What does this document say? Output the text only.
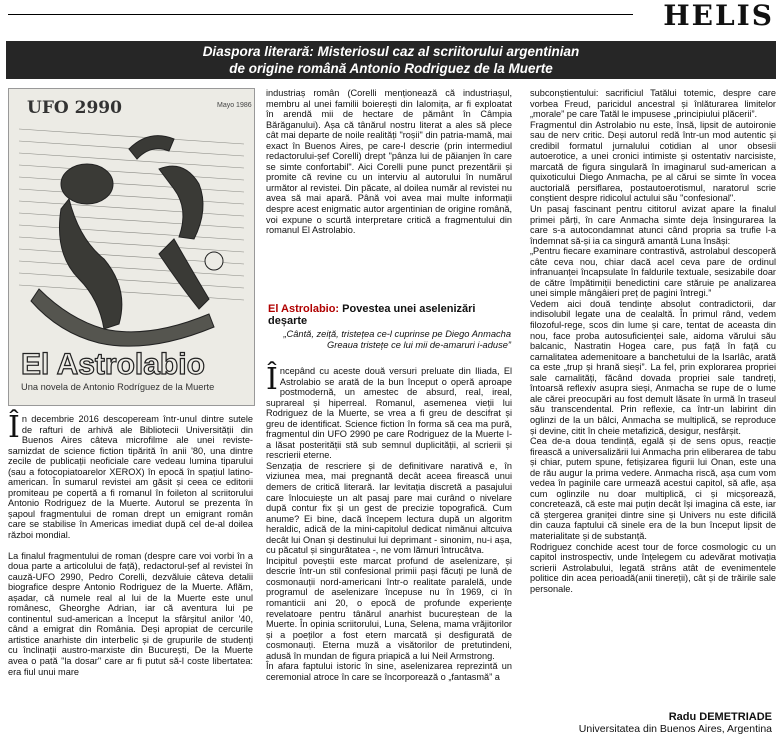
HELIS
Diaspora literară: Misteriosul caz al scriitorului argentinian
de origine română Antonio Rodriguez de la Muerte
UFO 2990	Mayo 1986
El Astrolabio
Una novela de Antonio Rodríguez de la Muerte

În decembrie 2016 descopeream într-unul dintre sutele de rafturi de arhivă ale Bibliotecii Universității din Buenos Aires câteva microfilme ale unei reviste-samizdat de science fiction tipărită în anii '80, una dintre zecile de publicații neoficiale care vedeau lumina tiparului (sau a fotocopiatoarelor XEROX) în epocă în spațiul latino-american. În sumarul revistei am găsit și ceea ce editorii promiteau pe copertă a fi romanul în foileton al scriitorului Antonio Rodriguez de la Muerte. Autorul se prezenta în șapoul fragmentului de roman drept un emigrant român care se stabilise în Americas imediat după cel de-al doilea război mondial.

La finalul fragmentului de roman (despre care voi vorbi în a doua parte a articolului de față), redactorul-șef al revistei în cauză-UFO 2990, Pedro Corelli, dezvăluie câteva detalii biografice despre Antonio Rodriguez de la Muerte. Aflăm, așadar, că numele real al lui de la Muerte este unul românesc, Gheorghe Adrian, iar că aventura lui pe continentul sud-american a început la sfârșitul anilor '40, când a emigrat din România. Deși apropiat de cercurile artistice anarhiste din interbelic și de grupurile de studenți cu înclinații austro-marxiste din București, De la Muerte avea o pată "la dosar" care ar fi putut să-l coste libertatea: era fiul unui mare

industriaș român (Corelli menționează că industriașul, membru al unei familii boierești din Ialomița, ar fi exploatat în arendă mii de hectare de pământ în Câmpia Bărăganului). Așa că tânărul nostru literat a ales să plece cât mai departe de noile realități "roșii" din patria-mamă, mai exact în Buenos Aires, pe care-l descrie (prin intermediul redactorului-șef Corelli) drept "pânza lui de păianjen în care se simte confortabil". Aici Corelli pune punct prezentării și promite că revine cu un interviu al autorului în numărul următor al revistei. Din păcate, al doilea număr al revistei nu avea să mai apară. Până voi avea mai multe informații despre acest enigmatic autor argentinian de origine română, voi expune o scurtă interpretare critică a fragmentului din romanul El Astrolabio.

El Astrolabio: Povestea unei aselenizări deșarte
„Cântă, zeiță, tristețea ce-l cuprinse pe Diego Anmacha
Greaua tristețe ce lui mii de-amaruri i-aduse”

Începând cu aceste două versuri preluate din Iliada, El Astrolabio se arată de la bun început o operă aproape postmodernă, un amestec de absurd, real, ireal, suprareal și hiperreal. Romanul, asemenea vieții lui Rodriguez de la Muerte, se vrea a fi greu de descifrat și greu de identificat. Science fiction în forma să cea ma pură, fragmentul din UFO 2990 pe care Rodriguez de la Muerte l-a lăsat posterității stă sub semnul duplicității, al scrierii și rescrierii eterne.

Senzația de rescriere și de definitivare narativă e, în viziunea mea, mai pregnantă decât aceea firească unui demers de critică literară. Iar levitația discretă a pasajului care înlocuiește un alt pasaj pare mai curând o nivelare după contur fix și un gest de precizie topografică. Cum anume? Ei bine, dacă începem lectura după un algoritm heraldic, adică de la mini-capitolul dedicat nimănui altcuiva decât lui Onan și destinului lui deprimant - sinonim, nu-i așa, cu păcatul și singurătatea -, ne vom lămuri întrucâtva.

Incipitul poveștii este marcat profund de aselenizare, și descrie într-un stil confesional primii pași făcuți pe lună de cosmonauții nord-americani într-o realitate paralelă, unde programul de aselenizare începuse nu în 1969, ci în romanticii ani 20, o epocă de profunde experiențe revelatoare pentru tânărul anarhist bucureștean de la Muerte. În opinia scriitorului, Luna, Selena, mama vrăjitorilor și a poeților a fost etern marcată și desfigurată de cosmonauți. Eterna muză a visătorilor de pretutindeni, adusă în mundan de figura priapică a lui Neil Armstrong.

În afara faptului istoric în sine, aselenizarea reprezintă un ceremonial atroce în care se încorporează o „fantasmă” a

subconștientului: sacrificiul Tatălui totemic, despre care vorbea Freud, paricidul ancestral și înlăturarea limitelor „morale” pe care Tatăl le impusese „principiului plăcerii”.

Fragmentul din Astrolabio nu este, însă, lipsit de autoironie sau de nerv critic. Deși autorul redă într-un mod autentic și credibil formatul jurnalului cotidian al unor obsesii autoerotice, a unei cronici intimiste și ostentativ narcisiste, marcată de figura singulară în imaginarul sud-american a quixoticului Diego Anmacha, pe al cărui se simte în vocea auctorială persiflarea, postautoerotismul, naratorul scrie conștient despre ridicolul actului său "confesional".

Un pasaj fascinant pentru cititorul avizat apare la finalul primei părți, în care Anmacha simte deja însingurarea la care s-a autocondamnat atunci când propria sa trufie l-a îndemnat să-și ia ca singură amantă Luna însăși:

„Pentru fiecare examinare contrastivă, astrolabul descoperă câte ceva nou, chiar dacă acel ceva pare de ordinul infranuanței încapsulate în faldurile textuale, sesizabile doar de către împătimiții benedictini care stăruie pe analizarea unei simple mângâieri preț de pagini întregi.”

Vedem aici două tendințe absolut contradictorii, dar indisolubil legate una de cealaltă. În primul rând, vedem filozoful-rege, scos din lume și care, tentat de aceasta din nou, face proba autosuficienței sale, aidoma vărului său balcanic, Nastratin Hogea care, pus față în față cu carnalitatea ademenitoare a banchetului de la Isarlâc, arată ca este „trup și hrană sieși”. La fel, prin explorarea propriei sale carnalități, făcând dovada propriei sale tandreți, întoarsă reflexiv asupra sieși, Anmacha se rupe de o lume ale cărei preocupări au fost demult lăsate în urmă în traseul său transcendental. Prin reflexie, ca într-un labirint din oglinzi de la un bâlci, Anmacha se multiplică, se reproduce și devine, citit în cheie metafizică, desigur, nesfârșit.

Cea de-a doua tendință, egală și de sens opus, reacție firească a universalizării lui Anmacha prin eliberarea de tabu și chiar, putem spune, fetișizarea figurii lui Onan, este una de rău augur la prima vedere. Anmacha riscă, așa cum vom vedea în paginile care urmează acestui capitol, să afle, așa cum oglinzile nu doar multiplică, ci și micșorează, concretează, că este mai puțin decât își imagina că este, iar că ștergerea graniței dintre sine și Univers nu este dificilă din cauza faptului că sinele era de la bun început lipsit de materialitate și de substanță.

Rodriguez conchide acest tour de force cosmologic cu un capitol instrospectiv, unde înțelegem cu adevărat motivația scrierii Astrolabului, legată strâns atât de evenimentele politice din acea perioadă(anii tinereții), cât și de trăirile sale personale.

Radu DEMETRIADE
Universitatea din Buenos Aires, Argentina
